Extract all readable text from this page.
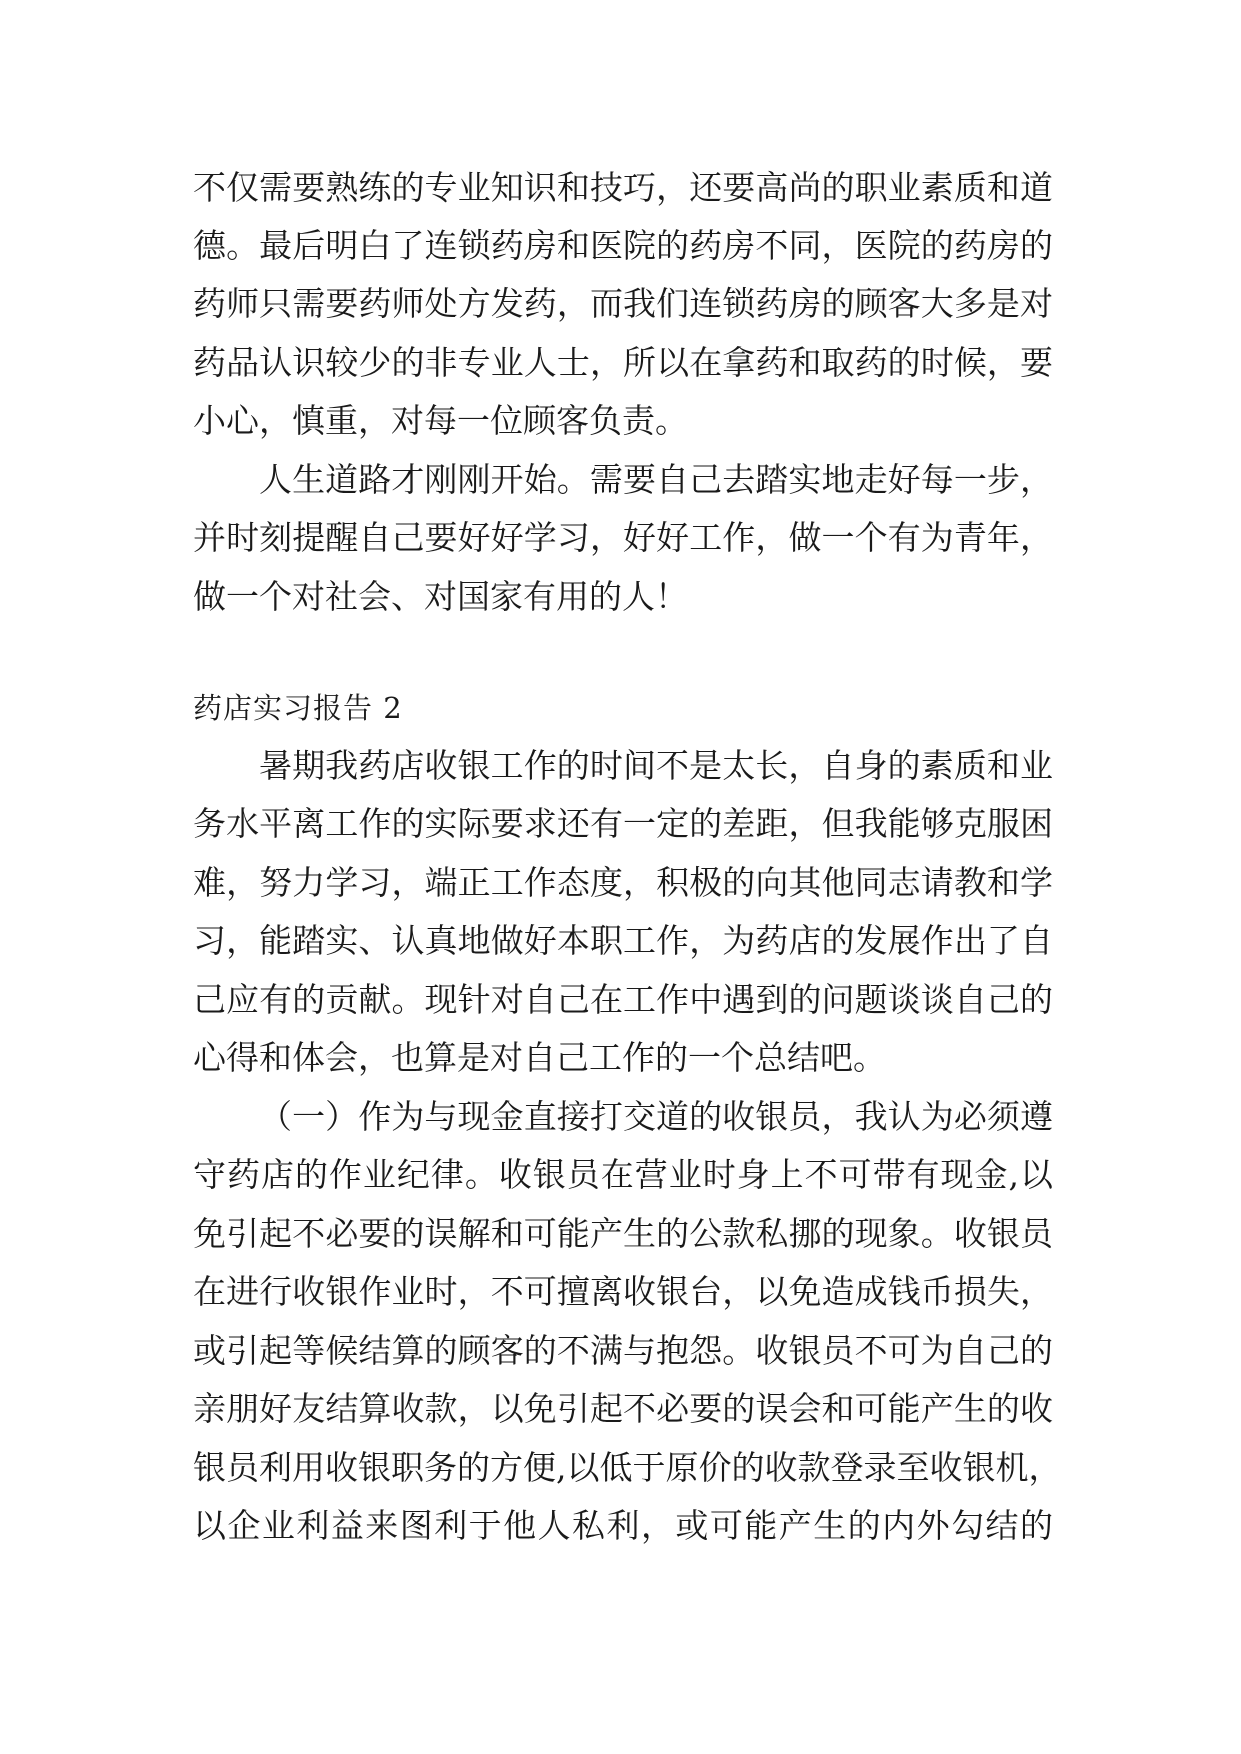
不仅需要熟练的专业知识和技巧，还要高尚的职业素质和道
德。最后明白了连锁药房和医院的药房不同，医院的药房的
药师只需要药师处方发药，而我们连锁药房的顾客大多是对
药品认识较少的非专业人士，所以在拿药和取药的时候，要
小心，慎重，对每一位顾客负责。
人生道路才刚刚开始。需要自己去踏实地走好每一步，
并时刻提醒自己要好好学习，好好工作，做一个有为青年，
做一个对社会、对国家有用的人！
药店实习报告 2
暑期我药店收银工作的时间不是太长，自身的素质和业
务水平离工作的实际要求还有一定的差距，但我能够克服困
难，努力学习，端正工作态度，积极的向其他同志请教和学
习，能踏实、认真地做好本职工作，为药店的发展作出了自
己应有的贡献。现针对自己在工作中遇到的问题谈谈自己的
心得和体会，也算是对自己工作的一个总结吧。
（一）作为与现金直接打交道的收银员，我认为必须遵
守药店的作业纪律。收银员在营业时身上不可带有现金,以
免引起不必要的误解和可能产生的公款私挪的现象。收银员
在进行收银作业时，不可擅离收银台，以免造成钱币损失，
或引起等候结算的顾客的不满与抱怨。收银员不可为自己的
亲朋好友结算收款，以免引起不必要的误会和可能产生的收
银员利用收银职务的方便,以低于原价的收款登录至收银机，
以企业利益来图利于他人私利，或可能产生的内外勾结的
